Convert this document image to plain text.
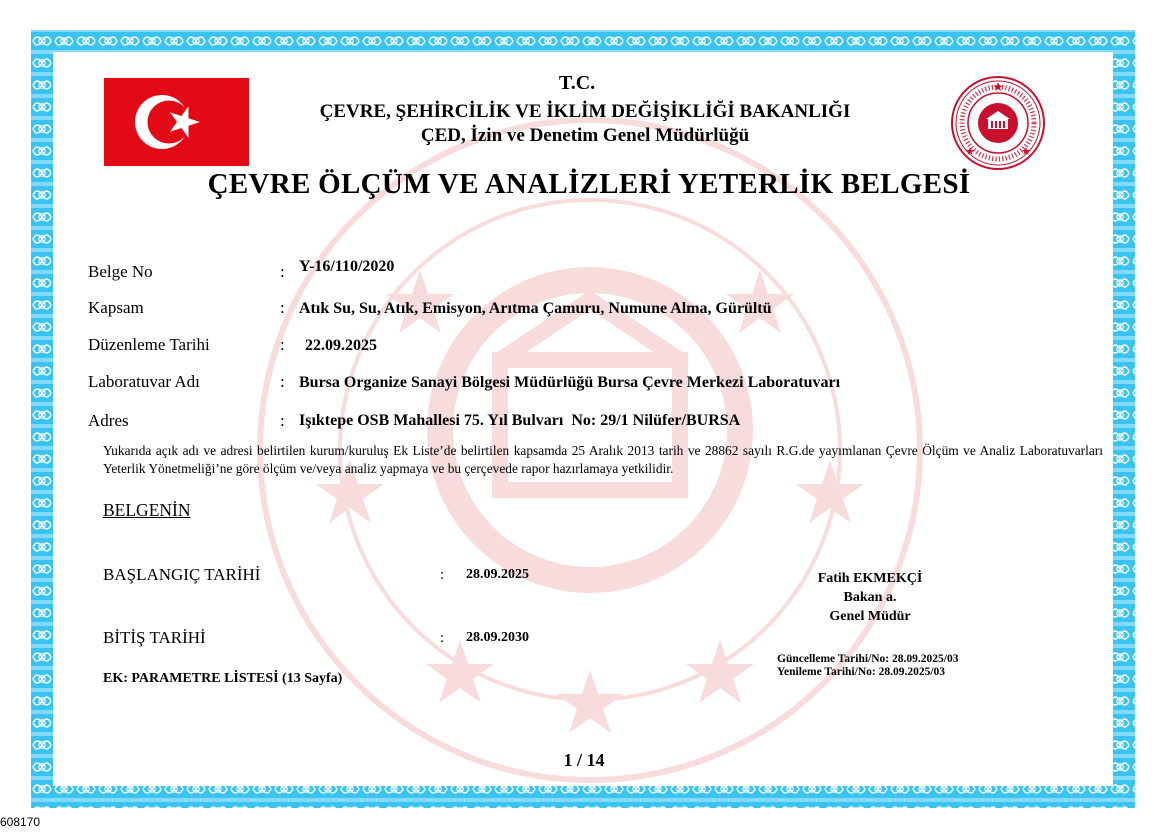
T.C.
ÇEVRE, ŞEHİRCİLİK VE İKLİM DEĞİŞİKLİĞİ BAKANLIĞI
ÇED, İzin ve Denetim Genel Müdürlüğü
ÇEVRE ÖLÇÜM VE ANALİZLERİ YETERLİK BELGESİ
Belge No	: Y-16/110/2020
Kapsam	: Atık Su, Su, Atık, Emisyon, Arıtma Çamuru, Numune Alma, Gürültü
Düzenleme Tarihi	: 22.09.2025
Laboratuvar Adı	: Bursa Organize Sanayi Bölgesi Müdürlüğü Bursa Çevre Merkezi Laboratuvarı
Adres	: Işıktepe OSB Mahallesi 75. Yıl Bulvarı  No: 29/1 Nilüfer/BURSA
Yukarıda açık adı ve adresi belirtilen kurum/kuruluş Ek Liste’de belirtilen kapsamda 25 Aralık 2013 tarih ve 28862 sayılı R.G.de yayımlanan Çevre Ölçüm ve Analiz Laboratuvarları Yeterlik Yönetmeliği’ne göre ölçüm ve/veya analiz yapmaya ve bu çerçevede rapor hazırlamaya yetkilidir.
BELGENİN
BAŞLANGIÇ TARİHİ	: 28.09.2025
BİTİŞ TARİHİ	: 28.09.2030
EK: PARAMETRE LİSTESİ (13 Sayfa)
Fatih EKMEKÇİ
Bakan a.
Genel Müdür
Güncelleme Tarihi/No: 28.09.2025/03
Yenileme Tarihi/No: 28.09.2025/03
1 / 14
608170
